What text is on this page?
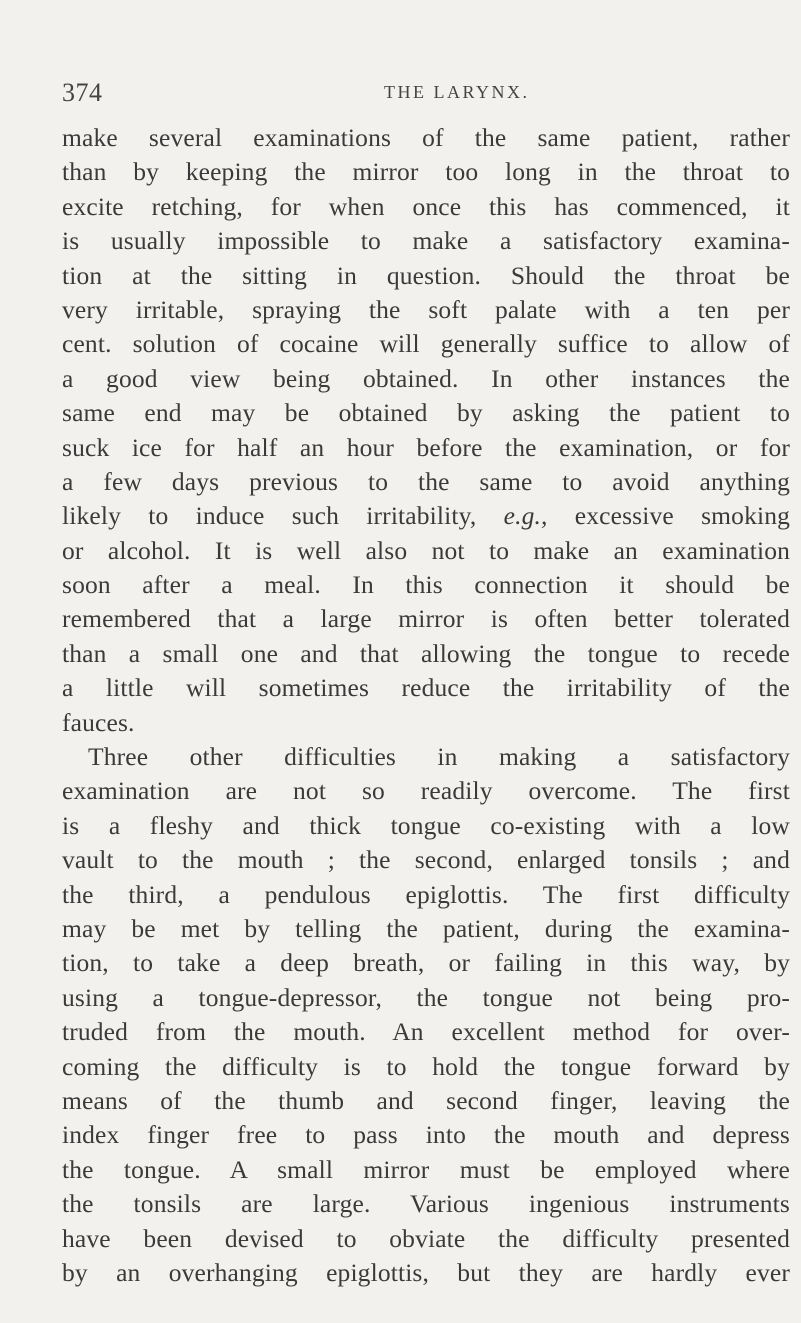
374	THE LARYNX.
make several examinations of the same patient, rather
than by keeping the mirror too long in the throat to
excite retching, for when once this has commenced, it
is usually impossible to make a satisfactory examina-
tion at the sitting in question. Should the throat be
very irritable, spraying the soft palate with a ten per
cent. solution of cocaine will generally suffice to allow of
a good view being obtained. In other instances the
same end may be obtained by asking the patient to
suck ice for half an hour before the examination, or for
a few days previous to the same to avoid anything
likely to induce such irritability, e.g., excessive smoking
or alcohol. It is well also not to make an examination
soon after a meal. In this connection it should be
remembered that a large mirror is often better tolerated
than a small one and that allowing the tongue to recede
a little will sometimes reduce the irritability of the
fauces.
Three other difficulties in making a satisfactory
examination are not so readily overcome. The first
is a fleshy and thick tongue co-existing with a low
vault to the mouth ; the second, enlarged tonsils ; and
the third, a pendulous epiglottis. The first difficulty
may be met by telling the patient, during the examina-
tion, to take a deep breath, or failing in this way, by
using a tongue-depressor, the tongue not being pro-
truded from the mouth. An excellent method for over-
coming the difficulty is to hold the tongue forward by
means of the thumb and second finger, leaving the
index finger free to pass into the mouth and depress
the tongue. A small mirror must be employed where
the tonsils are large. Various ingenious instruments
have been devised to obviate the difficulty presented
by an overhanging epiglottis, but they are hardly ever
